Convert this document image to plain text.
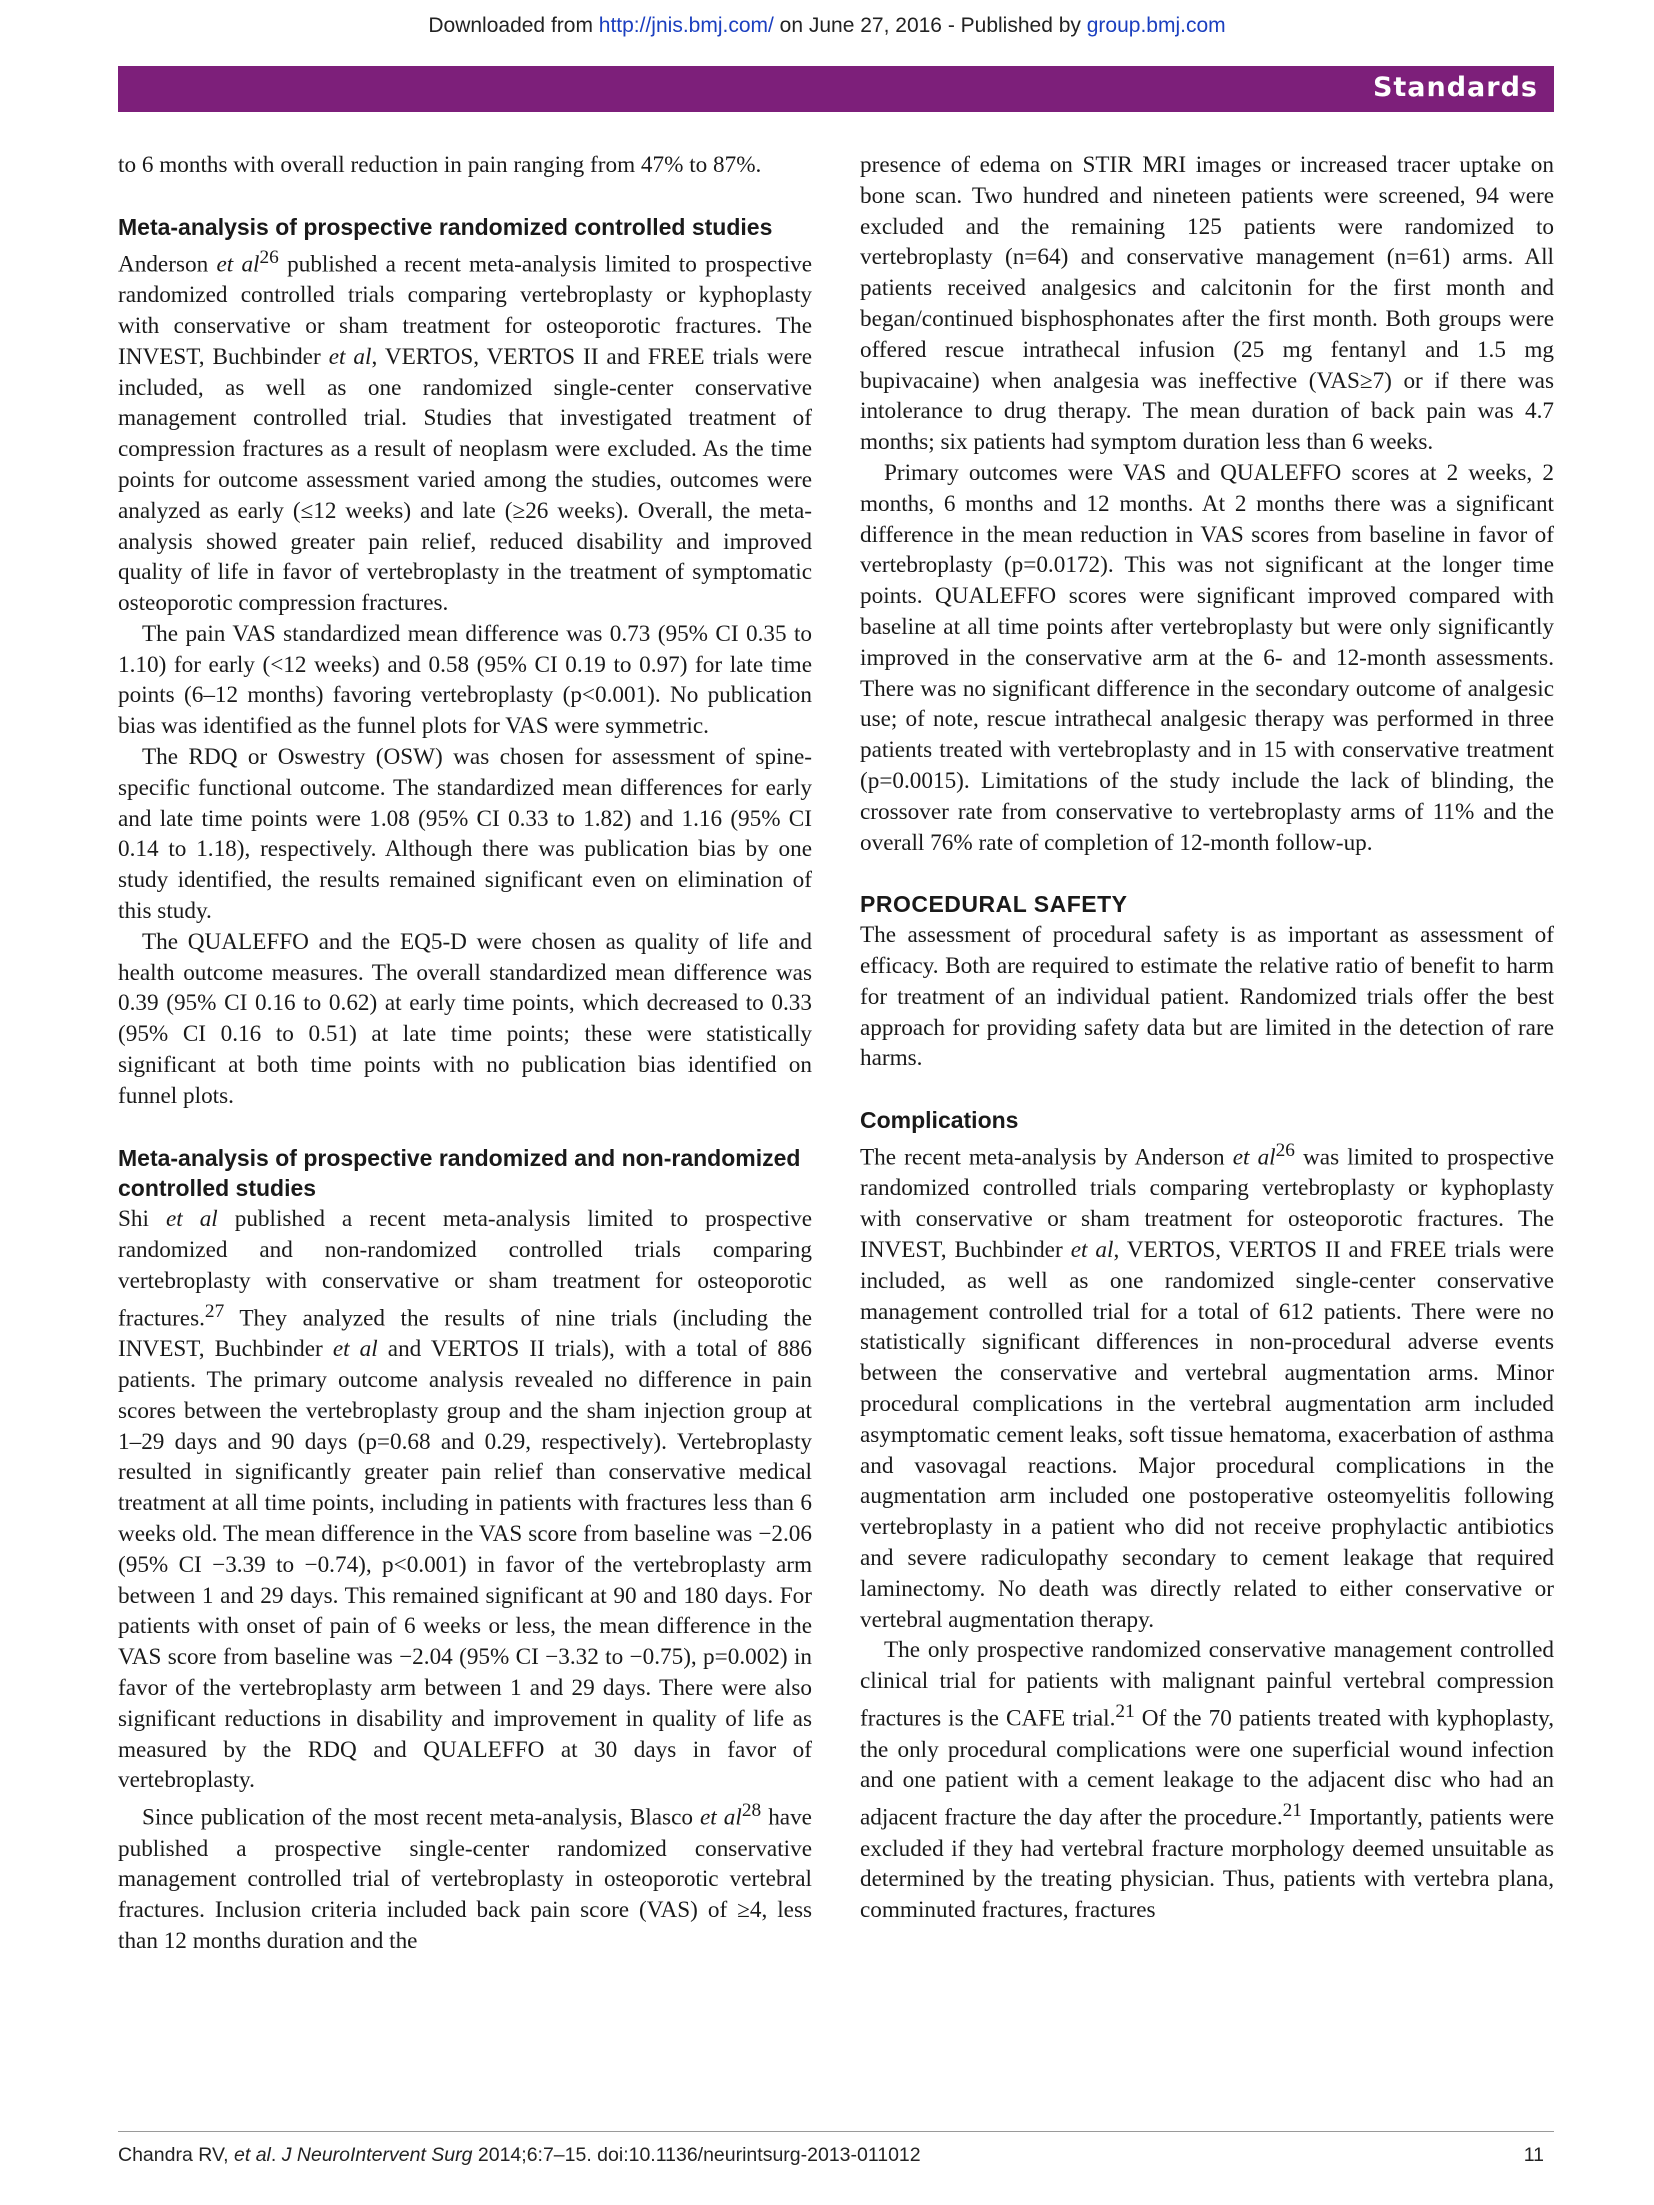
Downloaded from http://jnis.bmj.com/ on June 27, 2016 - Published by group.bmj.com
Standards

to 6 months with overall reduction in pain ranging from 47% to 87%.

Meta-analysis of prospective randomized controlled studies

Anderson et $al^{26}$ published a recent meta-analysis limited to prospective randomized controlled trials comparing vertebroplasty or kyphoplasty with conservative or sham treatment for osteoporotic fractures. The INVEST, Buchbinder et al, VERTOS, VERTOS II and FREE trials were included, as well as one randomized single-center conservative management controlled trial. Studies that investigated treatment of compression fractures as a result of neoplasm were excluded. As the time points for outcome assessment varied among the studies, outcomes were analyzed as early (≤12 weeks) and late (≥26 weeks). Overall, the meta-analysis showed greater pain relief, reduced disability and improved quality of life in favor of vertebroplasty in the treatment of symptomatic osteoporotic compression fractures.

The pain VAS standardized mean difference was 0.73 (95% CI 0.35 to 1.10) for early (<12 weeks) and 0.58 (95% CI 0.19 to 0.97) for late time points (6–12 months) favoring vertebroplasty (p<0.001). No publication bias was identified as the funnel plots for VAS were symmetric.

The RDQ or Oswestry (OSW) was chosen for assessment of spine-specific functional outcome. The standardized mean differences for early and late time points were 1.08 (95% CI 0.33 to 1.82) and 1.16 (95% CI 0.14 to 1.18), respectively. Although there was publication bias by one study identified, the results remained significant even on elimination of this study.

The QUALEFFO and the EQ5-D were chosen as quality of life and health outcome measures. The overall standardized mean difference was 0.39 (95% CI 0.16 to 0.62) at early time points, which decreased to 0.33 (95% CI 0.16 to 0.51) at late time points; these were statistically significant at both time points with no publication bias identified on funnel plots.

Meta-analysis of prospective randomized and non-randomized controlled studies

Shi et al published a recent meta-analysis limited to prospective randomized and non-randomized controlled trials comparing vertebroplasty with conservative or sham treatment for osteoporotic fractures.$^{27}$ They analyzed the results of nine trials (including the INVEST, Buchbinder et al and VERTOS II trials), with a total of 886 patients. The primary outcome analysis revealed no difference in pain scores between the vertebroplasty group and the sham injection group at 1–29 days and 90 days (p=0.68 and 0.29, respectively). Vertebroplasty resulted in significantly greater pain relief than conservative medical treatment at all time points, including in patients with fractures less than 6 weeks old. The mean difference in the VAS score from baseline was −2.06 (95% CI −3.39 to −0.74), p<0.001) in favor of the vertebroplasty arm between 1 and 29 days. This remained significant at 90 and 180 days. For patients with onset of pain of 6 weeks or less, the mean difference in the VAS score from baseline was −2.04 (95% CI −3.32 to −0.75), p=0.002) in favor of the vertebroplasty arm between 1 and 29 days. There were also significant reductions in disability and improvement in quality of life as measured by the RDQ and QUALEFFO at 30 days in favor of vertebroplasty.

Since publication of the most recent meta-analysis, Blasco et $al^{28}$ have published a prospective single-center randomized conservative management controlled trial of vertebroplasty in osteoporotic vertebral fractures. Inclusion criteria included back pain score (VAS) of ≥4, less than 12 months duration and the

presence of edema on STIR MRI images or increased tracer uptake on bone scan. Two hundred and nineteen patients were screened, 94 were excluded and the remaining 125 patients were randomized to vertebroplasty (n=64) and conservative management (n=61) arms. All patients received analgesics and calcitonin for the first month and began/continued bisphosphonates after the first month. Both groups were offered rescue intrathecal infusion (25 mg fentanyl and 1.5 mg bupivacaine) when analgesia was ineffective (VAS≥7) or if there was intolerance to drug therapy. The mean duration of back pain was 4.7 months; six patients had symptom duration less than 6 weeks.

Primary outcomes were VAS and QUALEFFO scores at 2 weeks, 2 months, 6 months and 12 months. At 2 months there was a significant difference in the mean reduction in VAS scores from baseline in favor of vertebroplasty (p=0.0172). This was not significant at the longer time points. QUALEFFO scores were significant improved compared with baseline at all time points after vertebroplasty but were only significantly improved in the conservative arm at the 6- and 12-month assessments. There was no significant difference in the secondary outcome of analgesic use; of note, rescue intrathecal analgesic therapy was performed in three patients treated with vertebroplasty and in 15 with conservative treatment (p=0.0015). Limitations of the study include the lack of blinding, the crossover rate from conservative to vertebroplasty arms of 11% and the overall 76% rate of completion of 12-month follow-up.

PROCEDURAL SAFETY

The assessment of procedural safety is as important as assessment of efficacy. Both are required to estimate the relative ratio of benefit to harm for treatment of an individual patient. Randomized trials offer the best approach for providing safety data but are limited in the detection of rare harms.

Complications

The recent meta-analysis by Anderson et $al^{26}$ was limited to prospective randomized controlled trials comparing vertebroplasty or kyphoplasty with conservative or sham treatment for osteoporotic fractures. The INVEST, Buchbinder et al, VERTOS, VERTOS II and FREE trials were included, as well as one randomized single-center conservative management controlled trial for a total of 612 patients. There were no statistically significant differences in non-procedural adverse events between the conservative and vertebral augmentation arms. Minor procedural complications in the vertebral augmentation arm included asymptomatic cement leaks, soft tissue hematoma, exacerbation of asthma and vasovagal reactions. Major procedural complications in the augmentation arm included one postoperative osteomyelitis following vertebroplasty in a patient who did not receive prophylactic antibiotics and severe radiculopathy secondary to cement leakage that required laminectomy. No death was directly related to either conservative or vertebral augmentation therapy.

The only prospective randomized conservative management controlled clinical trial for patients with malignant painful vertebral compression fractures is the CAFE trial.$^{21}$ Of the 70 patients treated with kyphoplasty, the only procedural complications were one superficial wound infection and one patient with a cement leakage to the adjacent disc who had an adjacent fracture the day after the procedure.$^{21}$ Importantly, patients were excluded if they had vertebral fracture morphology deemed unsuitable as determined by the treating physician. Thus, patients with vertebra plana, comminuted fractures, fractures

Chandra RV, et al. J NeuroIntervent Surg 2014;6:7–15. doi:10.1136/neurintsurg-2013-011012	11
